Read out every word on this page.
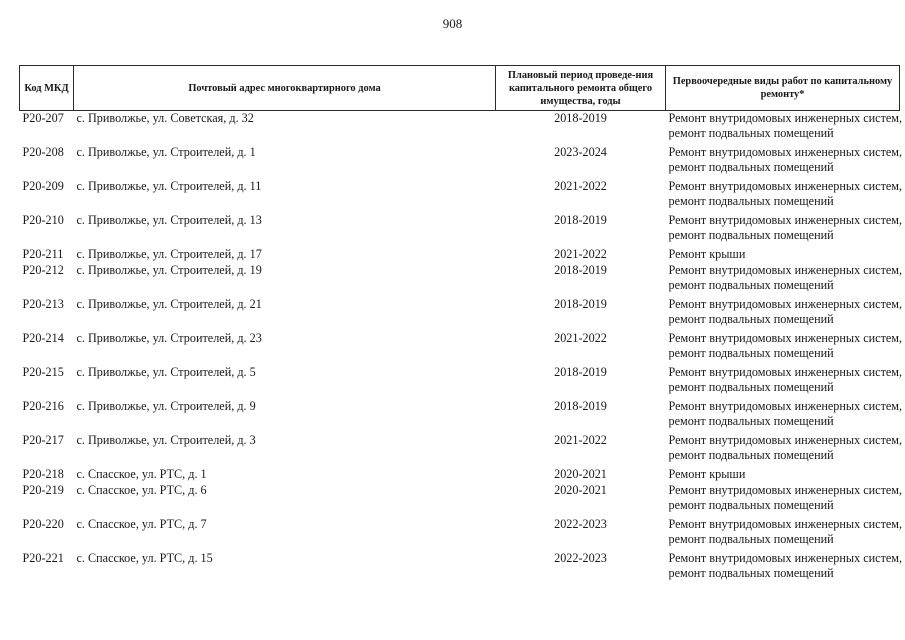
908
Код МКД	Почтовый адрес многоквартирного дома	Плановый период проведе-ния капитального ремонта общего имущества, годы	Первоочередные виды работ по капитальному ремонту*
Р20-207	с. Приволжье, ул. Советская, д. 32	2018-2019	Ремонт внутридомовых инженерных систем,
ремонт подвальных помещений

Р20-208	с. Приволжье, ул. Строителей, д. 1	2023-2024	Ремонт внутридомовых инженерных систем,
ремонт подвальных помещений

Р20-209	с. Приволжье, ул. Строителей, д. 11	2021-2022	Ремонт внутридомовых инженерных систем,
ремонт подвальных помещений

Р20-210	с. Приволжье, ул. Строителей, д. 13	2018-2019	Ремонт внутридомовых инженерных систем,
ремонт подвальных помещений

Р20-211	с. Приволжье, ул. Строителей, д. 17	2021-2022	Ремонт крыши

Р20-212	с. Приволжье, ул. Строителей, д. 19	2018-2019	Ремонт внутридомовых инженерных систем,
ремонт подвальных помещений

Р20-213	с. Приволжье, ул. Строителей, д. 21	2018-2019	Ремонт внутридомовых инженерных систем,
ремонт подвальных помещений

Р20-214	с. Приволжье, ул. Строителей, д. 23	2021-2022	Ремонт внутридомовых инженерных систем,
ремонт подвальных помещений

Р20-215	с. Приволжье, ул. Строителей, д. 5	2018-2019	Ремонт внутридомовых инженерных систем,
ремонт подвальных помещений

Р20-216	с. Приволжье, ул. Строителей, д. 9	2018-2019	Ремонт внутридомовых инженерных систем,
ремонт подвальных помещений

Р20-217	с. Приволжье, ул. Строителей, д. 3	2021-2022	Ремонт внутридомовых инженерных систем,
ремонт подвальных помещений

Р20-218	с. Спасское, ул. РТС, д. 1	2020-2021	Ремонт крыши

Р20-219	с. Спасское, ул. РТС, д. 6	2020-2021	Ремонт внутридомовых инженерных систем,
ремонт подвальных помещений

Р20-220	с. Спасское, ул. РТС, д. 7	2022-2023	Ремонт внутридомовых инженерных систем,
ремонт подвальных помещений

Р20-221	с. Спасское, ул. РТС, д. 15	2022-2023	Ремонт внутридомовых инженерных систем,
ремонт подвальных помещений
